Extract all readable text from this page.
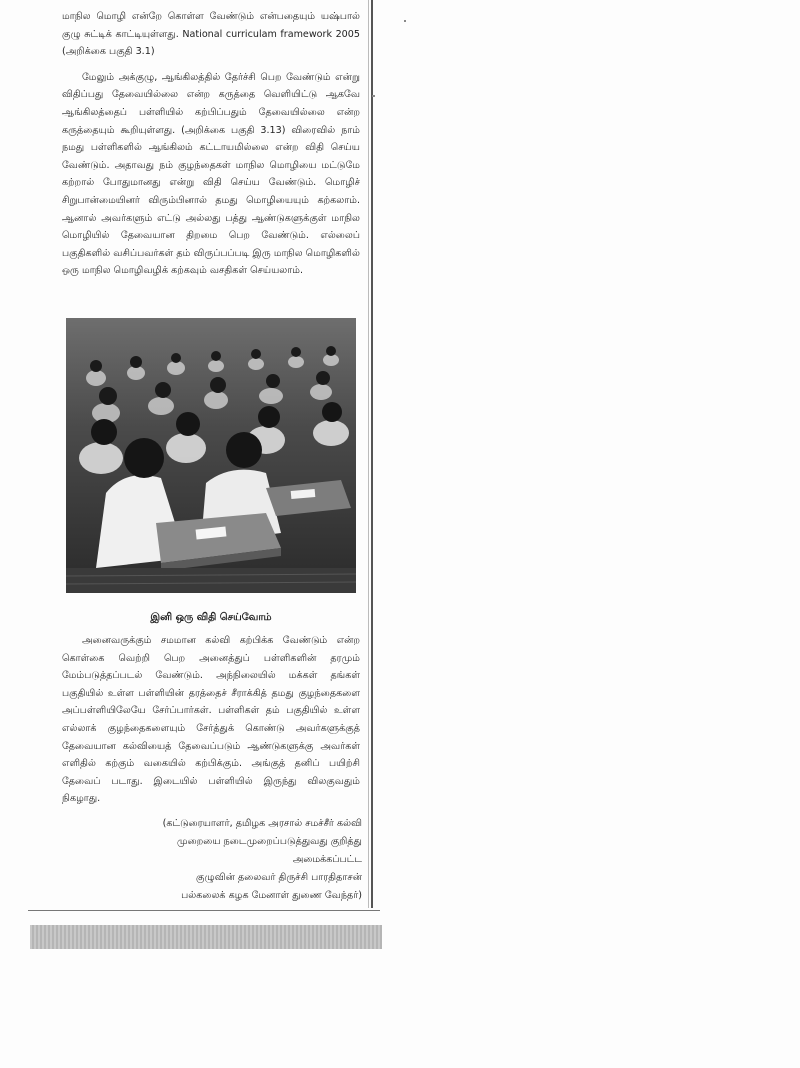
மாநில மொழி என்றே கொள்ள வேண்டும் என்பதையும் யஷ்பால் குழு சுட்டிக் காட்டியுள்ளது. National curriculam framework 2005 (அறிக்கை பகுதி 3.1)

மேலும் அக்குழு, ஆங்கிலத்தில் தேர்ச்சி பெற வேண்டும் என்று விதிப்பது தேவையில்லை என்ற கருத்தை வெளியிட்டு ஆகவே ஆங்கிலத்தைப் பள்ளியில் கற்பிப்பதும் தேவையில்லை என்ற கருத்தையும் கூறியுள்ளது. (அறிக்கை பகுதி 3.13) விரைவில் நாம் நமது பள்ளிகளில் ஆங்கிலம் கட்டாயமில்லை என்ற விதி செய்ய வேண்டும். அதாவது நம் குழந்தைகள் மாநில மொழியை மட்டுமே கற்றால் போதுமானது என்று விதி செய்ய வேண்டும். மொழிச் சிறுபான்மையினர் விரும்பினால் தமது மொழியையும் கற்கலாம். ஆனால் அவர்களும் எட்டு அல்லது பத்து ஆண்டுகளுக்குள் மாநில மொழியில் தேவையான திறமை பெற வேண்டும். எல்லைப் பகுதிகளில் வசிப்பவர்கள் தம் விருப்பப்படி இரு மாநில மொழிகளில் ஒரு மாநில மொழிவழிக் கற்கவும் வசதிகள் செய்யலாம்.

இனி ஒரு விதி செய்வோம்

அனைவருக்கும் சமமான கல்வி கற்பிக்க வேண்டும் என்ற கொள்கை வெற்றி பெற அனைத்துப் பள்ளிகளின் தரமும் மேம்படுத்தப்படல் வேண்டும். அந்நிலையில் மக்கள் தங்கள் பகுதியில் உள்ள பள்ளியின் தரத்தைச் சீராக்கித் தமது குழந்தைகளை அப்பள்ளியிலேயே சேர்ப்பார்கள். பள்ளிகள் தம் பகுதியில் உள்ள எல்லாக் குழந்தைகளையும் சேர்த்துக் கொண்டு அவர்களுக்குத் தேவையான கல்வியைத் தேவைப்படும் ஆண்டுகளுக்கு அவர்கள் எளிதில் கற்கும் வகையில் கற்பிக்கும். அங்குத் தனிப் பயிற்சி தேவைப் படாது. இடையில் பள்ளியில் இருந்து விலகுவதும் நிகழாது.

(கட்டுரையாளர், தமிழக அரசால் சமச்சீர் கல்வி
முறையை நடைமுறைப்படுத்துவது குறித்து
அமைக்கப்பட்ட
குழுவின் தலைவர் திருச்சி பாரதிதாசன்
பல்கலைக் கழக மேனாள் துணை வேந்தர்)
